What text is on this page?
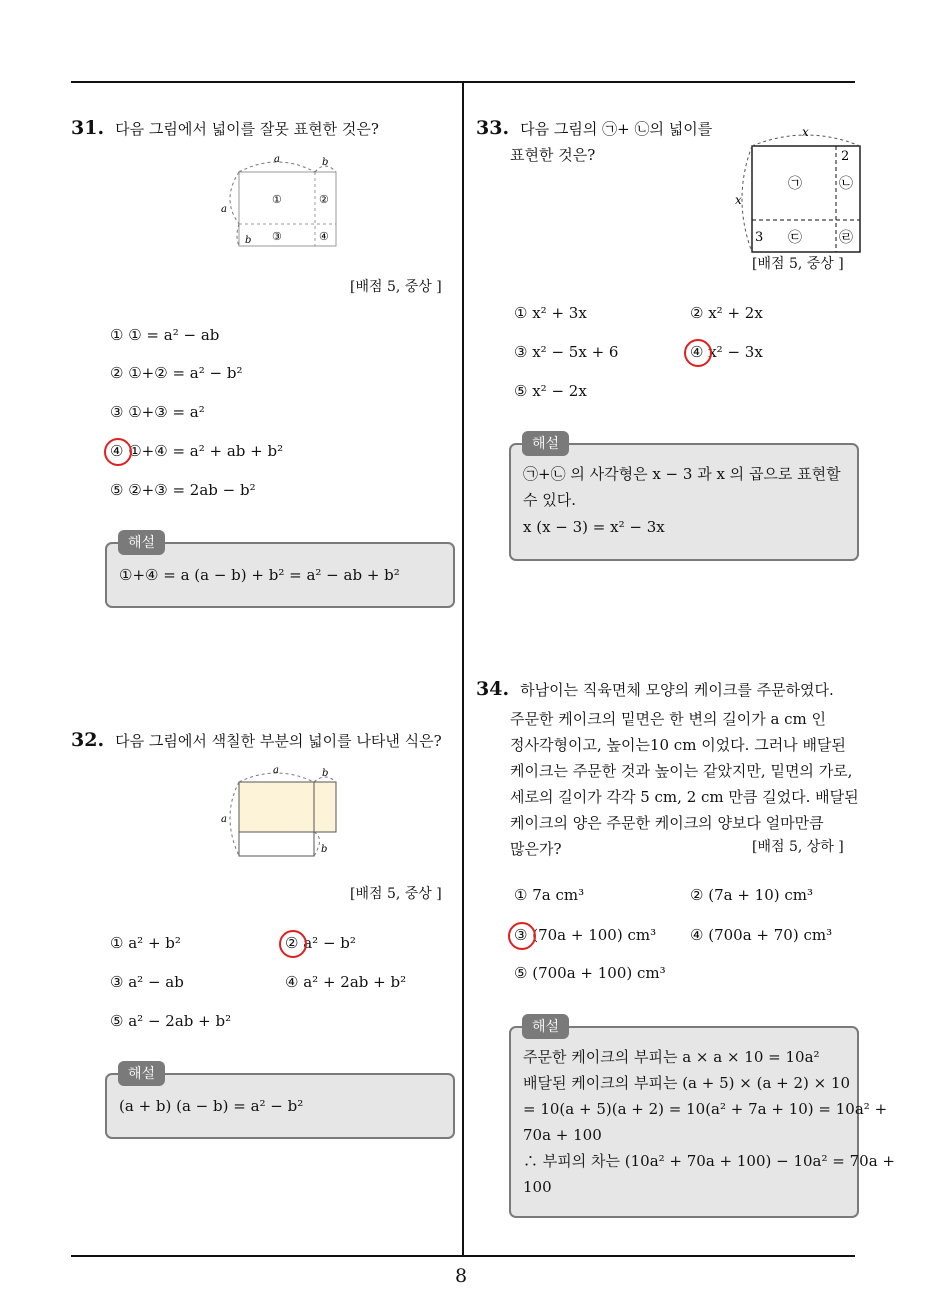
8
31. 다음 그림에서 넓이를 잘못 표현한 것은?
a	b
a
b
①	②
③	④
[배점 5, 중상 ]
① ① = a² − ab
② ①+② = a² − b²
③ ①+③ = a²
④ ①+④ = a² + ab + b²
⑤ ②+③ = 2ab − b²
①+④ = a (a − b) + b² = a² − ab + b²
해설
32. 다음 그림에서 색칠한 부분의 넓이를 나타낸 식은?
a	b
a
b
[배점 5, 중상 ]
① a² + b²	② a² − b²
③ a² − ab	④ a² + 2ab + b²
⑤ a² − 2ab + b²
(a + b) (a − b) = a² − b²
해설
33. 다음 그림의 ㉠+ ㉡의 넓이를
표현한 것은?
x
x
2
3
㉠	㉡
㉢	㉣
[배점 5, 중상 ]
① x² + 3x	② x² + 2x
③ x² − 5x + 6	④ x² − 3x
⑤ x² − 2x
㉠+㉡ 의 사각형은 x − 3 과 x 의 곱으로 표현할
수 있다.
x (x − 3) = x² − 3x
해설
34. 하남이는 직육면체 모양의 케이크를 주문하였다.
주문한 케이크의 밑면은 한 변의 길이가 a cm 인
정사각형이고, 높이는10 cm 이었다. 그러나 배달된
케이크는 주문한 것과 높이는 같았지만, 밑면의 가로,
세로의 길이가 각각 5 cm, 2 cm 만큼 길었다. 배달된
케이크의 양은 주문한 케이크의 양보다 얼마만큼
많은가?	[배점 5, 상하 ]
① 7a cm³	② (7a + 10) cm³
③ (70a + 100) cm³ ④ (700a + 70) cm³
⑤ (700a + 100) cm³
주문한 케이크의 부피는 a × a × 10 = 10a²
배달된 케이크의 부피는 (a + 5) × (a + 2) × 10
= 10(a + 5)(a + 2) = 10(a² + 7a + 10) = 10a² +
70a + 100
∴ 부피의 차는 (10a² + 70a + 100) − 10a² = 70a +
100
해설
